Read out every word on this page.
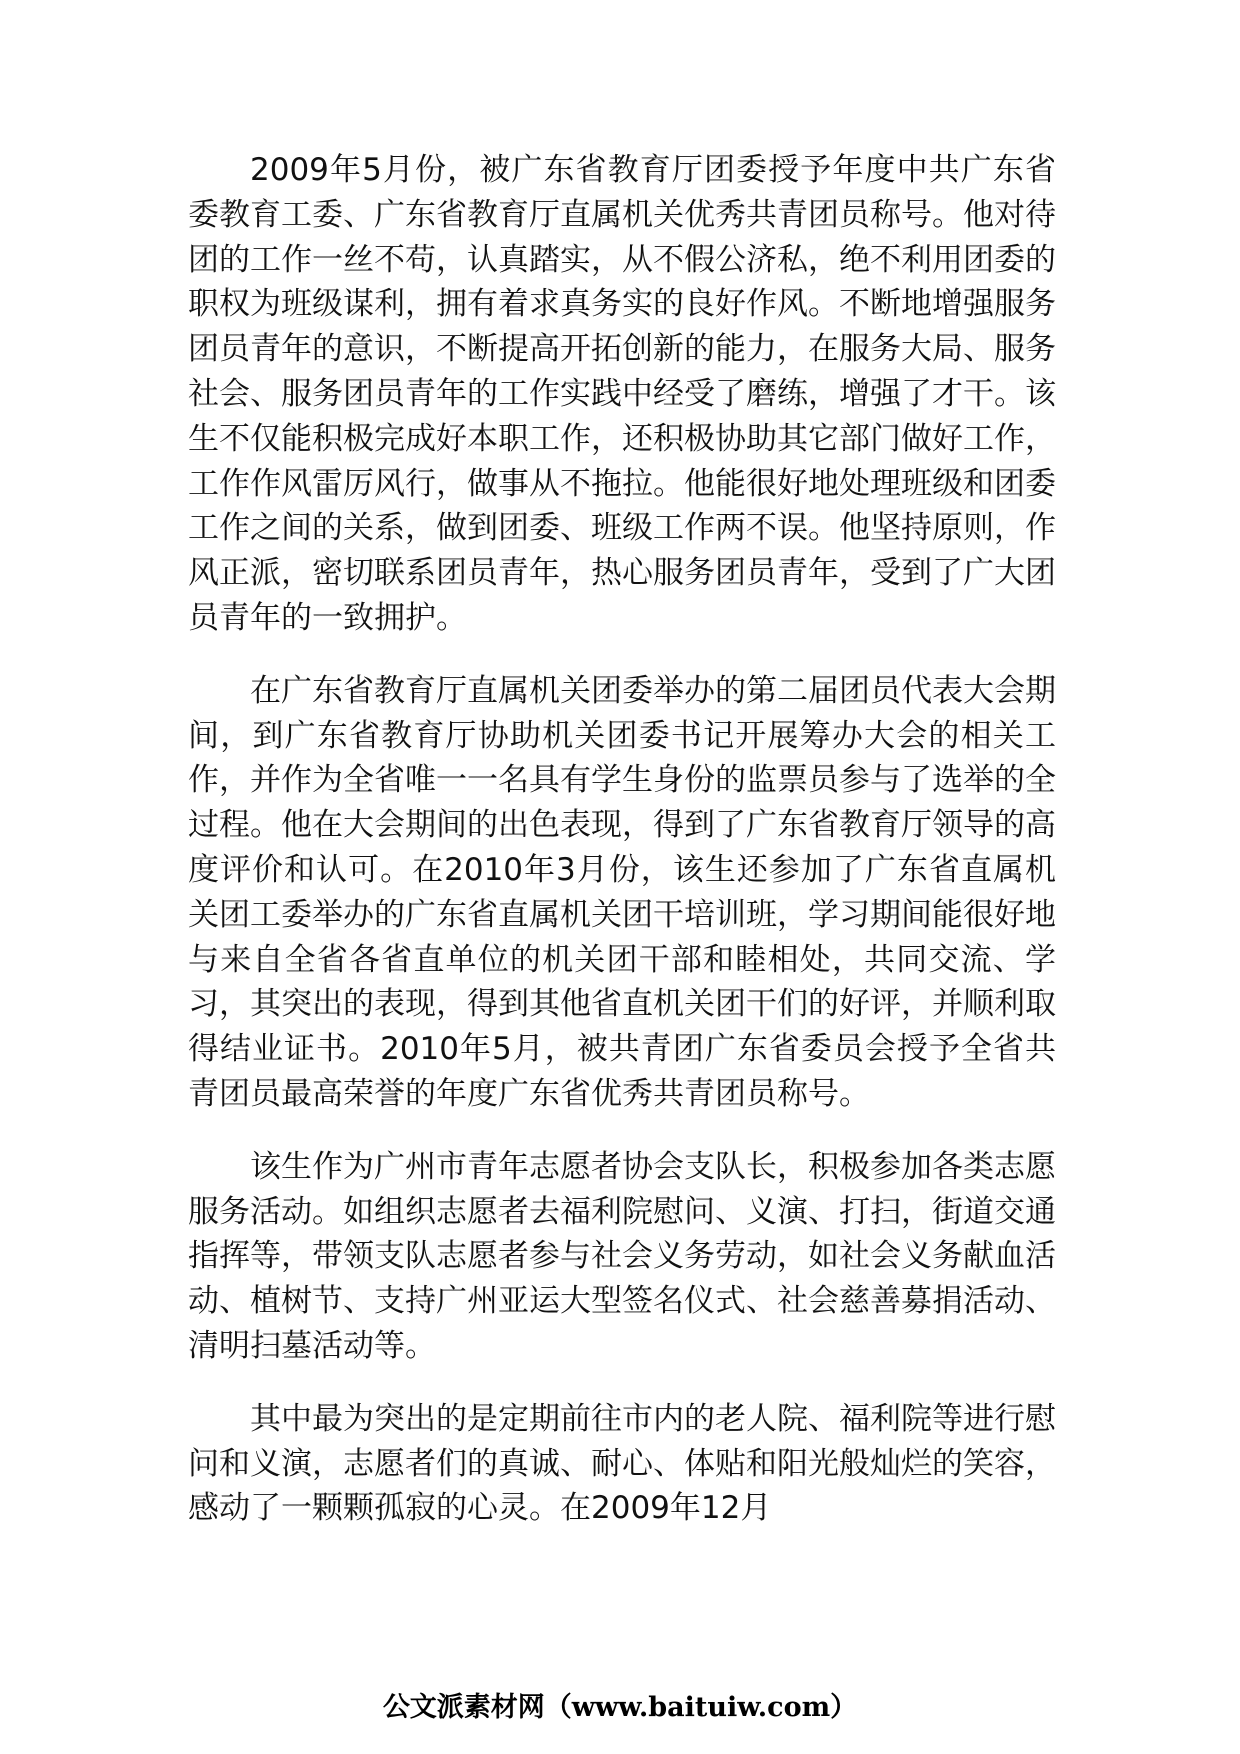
2009年5月份，被广东省教育厅团委授予年度中共广东省委教育工委、广东省教育厅直属机关优秀共青团员称号。他对待团的工作一丝不苟，认真踏实，从不假公济私，绝不利用团委的职权为班级谋利，拥有着求真务实的良好作风。不断地增强服务团员青年的意识，不断提高开拓创新的能力，在服务大局、服务社会、服务团员青年的工作实践中经受了磨练，增强了才干。该生不仅能积极完成好本职工作，还积极协助其它部门做好工作，工作作风雷厉风行，做事从不拖拉。他能很好地处理班级和团委工作之间的关系，做到团委、班级工作两不误。他坚持原则，作风正派，密切联系团员青年，热心服务团员青年，受到了广大团员青年的一致拥护。

在广东省教育厅直属机关团委举办的第二届团员代表大会期间，到广东省教育厅协助机关团委书记开展筹办大会的相关工作，并作为全省唯一一名具有学生身份的监票员参与了选举的全过程。他在大会期间的出色表现，得到了广东省教育厅领导的高度评价和认可。在2010年3月份，该生还参加了广东省直属机关团工委举办的广东省直属机关团干培训班，学习期间能很好地与来自全省各省直单位的机关团干部和睦相处，共同交流、学习，其突出的表现，得到其他省直机关团干们的好评，并顺利取得结业证书。2010年5月，被共青团广东省委员会授予全省共青团员最高荣誉的年度广东省优秀共青团员称号。

该生作为广州市青年志愿者协会支队长，积极参加各类志愿服务活动。如组织志愿者去福利院慰问、义演、打扫，街道交通指挥等，带领支队志愿者参与社会义务劳动，如社会义务献血活动、植树节、支持广州亚运大型签名仪式、社会慈善募捐活动、清明扫墓活动等。

其中最为突出的是定期前往市内的老人院、福利院等进行慰问和义演，志愿者们的真诚、耐心、体贴和阳光般灿烂的笑容，感动了一颗颗孤寂的心灵。在2009年12月

公文派素材网（www.baituiw.com）
